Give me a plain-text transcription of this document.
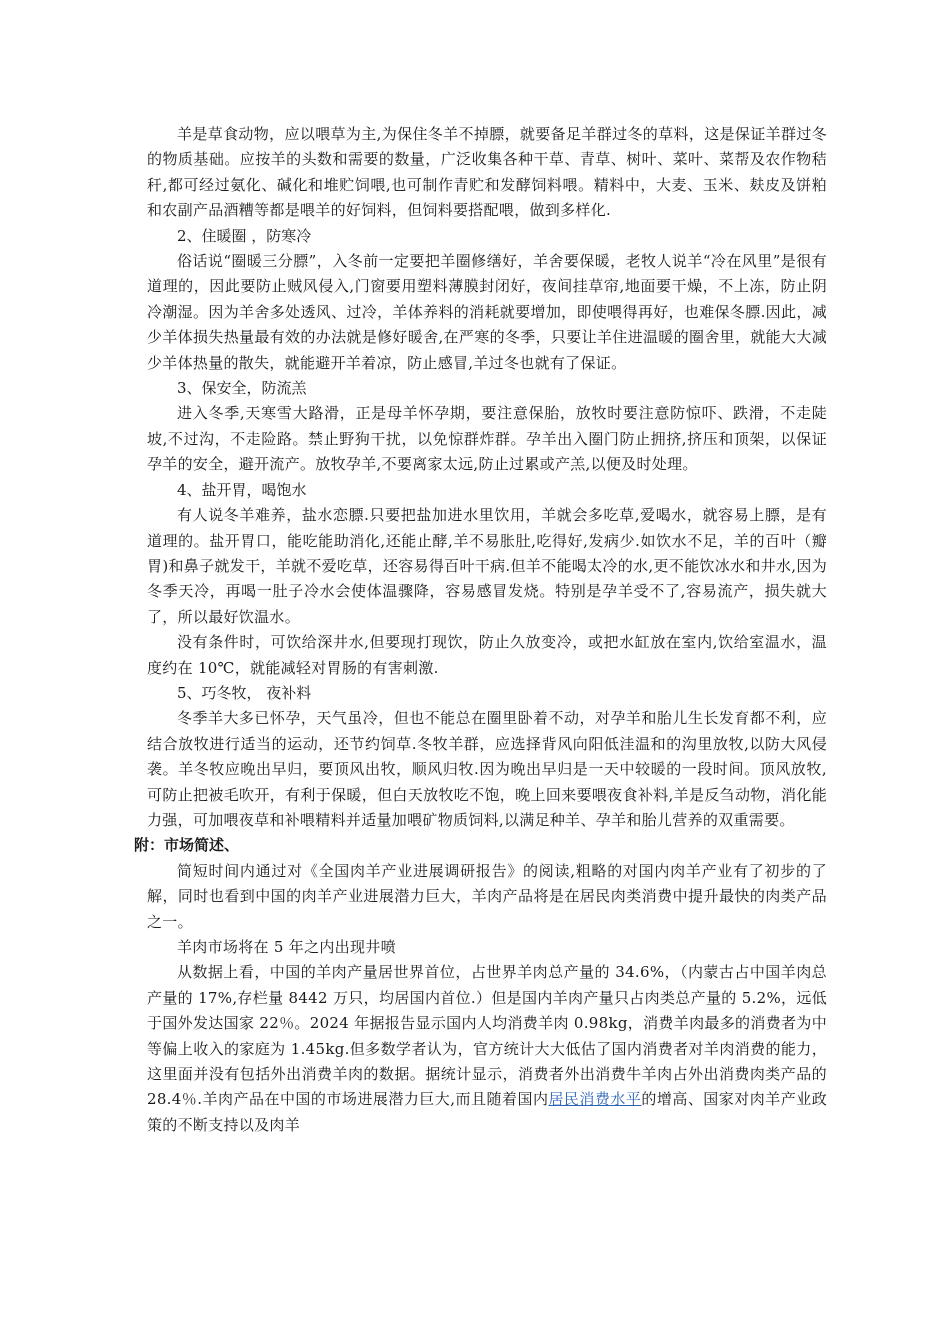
羊是草食动物，应以喂草为主,为保住冬羊不掉膘，就要备足羊群过冬的草料，这是保证羊群过冬的物质基础。应按羊的头数和需要的数量，广泛收集各种干草、青草、树叶、菜叶、菜帮及农作物秸秆,都可经过氨化、碱化和堆贮饲喂,也可制作青贮和发酵饲料喂。精料中，大麦、玉米、麸皮及饼粕和农副产品酒糟等都是喂羊的好饲料，但饲料要搭配喂，做到多样化.

2、住暖圈 ，防寒冷

俗话说“圈暖三分膘”，入冬前一定要把羊圈修缮好，羊舍要保暖，老牧人说羊“冷在风里”是很有道理的，因此要防止贼风侵入,门窗要用塑料薄膜封闭好，夜间挂草帘,地面要干燥，不上冻，防止阴冷潮湿。因为羊舍多处透风、过冷，羊体养料的消耗就要增加，即使喂得再好，也难保冬膘.因此，减少羊体损失热量最有效的办法就是修好暖舍,在严寒的冬季，只要让羊住进温暖的圈舍里，就能大大减少羊体热量的散失，就能避开羊着凉，防止感冒,羊过冬也就有了保证。

3、保安全，防流羔

进入冬季,天寒雪大路滑，正是母羊怀孕期，要注意保胎，放牧时要注意防惊吓、跌滑，不走陡坡,不过沟，不走险路。禁止野狗干扰，以免惊群炸群。孕羊出入圈门防止拥挤,挤压和顶架，以保证孕羊的安全，避开流产。放牧孕羊,不要离家太远,防止过累或产羔,以便及时处理。

4、盐开胃，喝饱水

有人说冬羊难养，盐水恋膘.只要把盐加进水里饮用，羊就会多吃草,爱喝水，就容易上膘，是有道理的。盐开胃口，能吃能助消化,还能止酵,羊不易胀肚,吃得好,发病少.如饮水不足，羊的百叶（瓣胃)和鼻子就发干，羊就不爱吃草，还容易得百叶干病.但羊不能喝太冷的水,更不能饮冰水和井水,因为冬季天冷，再喝一肚子冷水会使体温骤降，容易感冒发烧。特别是孕羊受不了,容易流产，损失就大了，所以最好饮温水。

没有条件时，可饮给深井水,但要现打现饮，防止久放变冷，或把水缸放在室内,饮给室温水，温度约在 10℃，就能减轻对胃肠的有害刺激.

5、巧冬牧， 夜补料

冬季羊大多已怀孕，天气虽冷，但也不能总在圈里卧着不动，对孕羊和胎儿生长发育都不利，应结合放牧进行适当的运动，还节约饲草.冬牧羊群，应选择背风向阳低洼温和的沟里放牧,以防大风侵袭。羊冬牧应晚出早归，要顶风出牧，顺风归牧.因为晚出早归是一天中较暖的一段时间。顶风放牧,可防止把被毛吹开，有利于保暖，但白天放牧吃不饱，晚上回来要喂夜食补料,羊是反刍动物，消化能力强，可加喂夜草和补喂精料并适量加喂矿物质饲料,以满足种羊、孕羊和胎儿营养的双重需要。

附：市场简述、

简短时间内通过对《全国肉羊产业进展调研报告》的阅读,粗略的对国内肉羊产业有了初步的了解，同时也看到中国的肉羊产业进展潜力巨大，羊肉产品将是在居民肉类消费中提升最快的肉类产品之一。

羊肉市场将在 5 年之内出现井喷

从数据上看，中国的羊肉产量居世界首位，占世界羊肉总产量的 34.6%，（内蒙古占中国羊肉总产量的 17%,存栏量 8442 万只，均居国内首位.）但是国内羊肉产量只占肉类总产量的 5.2%，远低于国外发达国家 22％。2024 年据报告显示国内人均消费羊肉 0.98kg，消费羊肉最多的消费者为中等偏上收入的家庭为 1.45kg.但多数学者认为，官方统计大大低估了国内消费者对羊肉消费的能力，这里面并没有包括外出消费羊肉的数据。据统计显示，消费者外出消费牛羊肉占外出消费肉类产品的 28.4％.羊肉产品在中国的市场进展潜力巨大,而且随着国内居民消费水平的增高、国家对肉羊产业政策的不断支持以及肉羊
